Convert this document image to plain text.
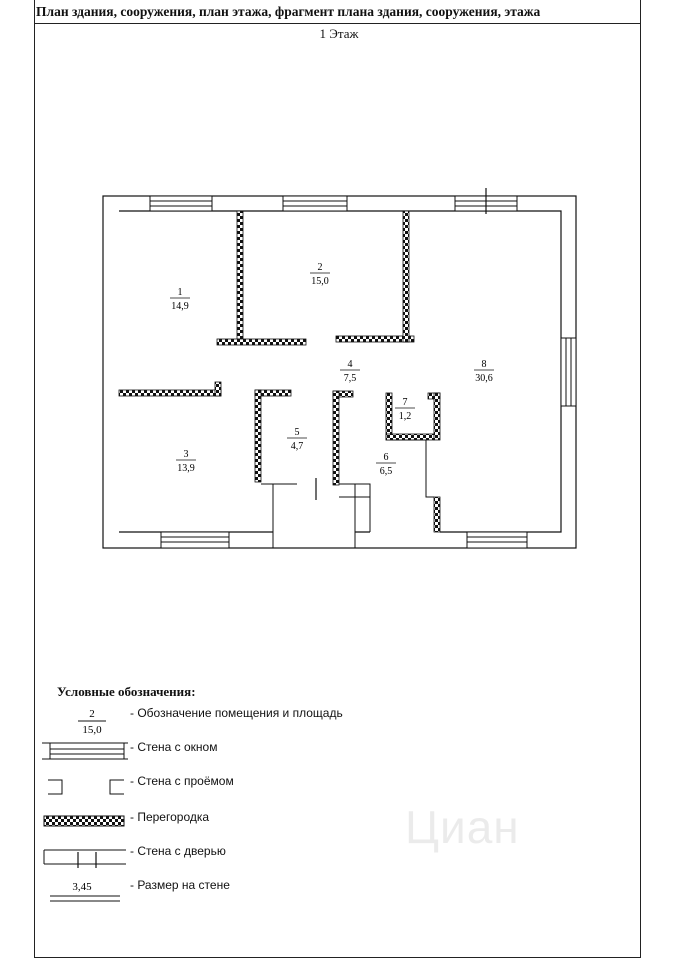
План здания, сооружения, план этажа, фрагмент плана здания, сооружения, этажа
1 Этаж
1
14,9
2
15,0
3
13,9
4
7,5
5
4,7
6
6,5
7
1,2
8
30,6
Условные обозначения:
2
15,0
- Обозначение помещения и площадь
- Стена с окном
- Стена с проёмом
- Перегородка
- Стена с дверью
3,45	- Размер на стене
Циан
